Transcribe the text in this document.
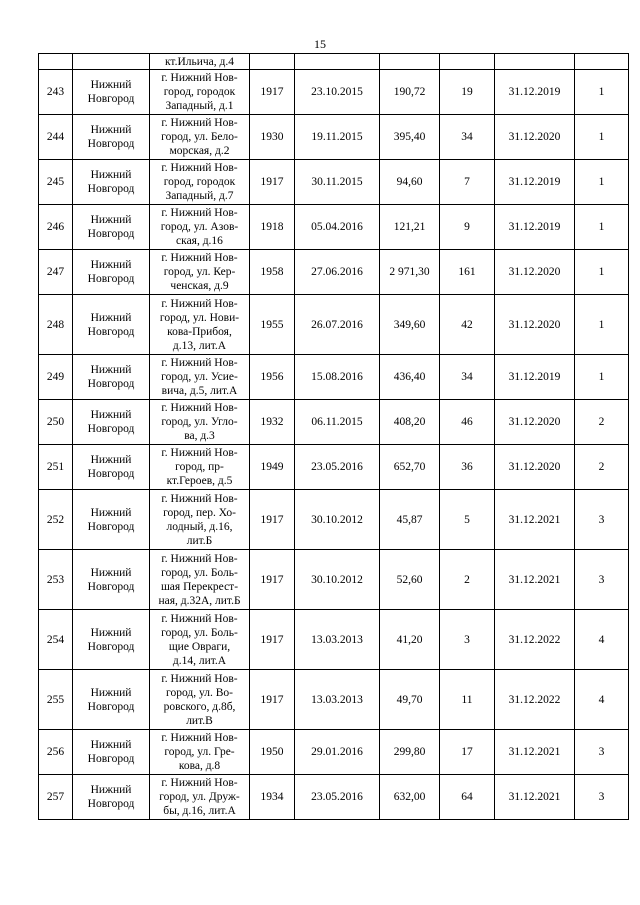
15
		кт.Ильича, д.4						
243	Нижний
Новгород	г. Нижний Нов-
город, городок
Западный, д.1	1917	23.10.2015	190,72	19	31.12.2019	1
244	Нижний
Новгород	г. Нижний Нов-
город, ул. Бело-
морская, д.2	1930	19.11.2015	395,40	34	31.12.2020	1
245	Нижний
Новгород	г. Нижний Нов-
город, городок
Западный, д.7	1917	30.11.2015	94,60	7	31.12.2019	1
246	Нижний
Новгород	г. Нижний Нов-
город, ул. Азов-
ская, д.16	1918	05.04.2016	121,21	9	31.12.2019	1
247	Нижний
Новгород	г. Нижний Нов-
город, ул. Кер-
ченская, д.9	1958	27.06.2016	2 971,30	161	31.12.2020	1
248	Нижний
Новгород	г. Нижний Нов-
город, ул. Нови-
кова-Прибоя,
д.13, лит.А	1955	26.07.2016	349,60	42	31.12.2020	1
249	Нижний
Новгород	г. Нижний Нов-
город, ул. Усие-
вича, д.5, лит.А	1956	15.08.2016	436,40	34	31.12.2019	1
250	Нижний
Новгород	г. Нижний Нов-
город, ул. Угло-
ва, д.3	1932	06.11.2015	408,20	46	31.12.2020	2
251	Нижний
Новгород	г. Нижний Нов-
город, пр-
кт.Героев, д.5	1949	23.05.2016	652,70	36	31.12.2020	2
252	Нижний
Новгород	г. Нижний Нов-
город, пер. Хо-
лодный, д.16,
лит.Б	1917	30.10.2012	45,87	5	31.12.2021	3
253	Нижний
Новгород	г. Нижний Нов-
город, ул. Боль-
шая Перекрест-
ная, д.32А, лит.Б	1917	30.10.2012	52,60	2	31.12.2021	3
254	Нижний
Новгород	г. Нижний Нов-
город, ул. Боль-
щие Овраги,
д.14, лит.А	1917	13.03.2013	41,20	3	31.12.2022	4
255	Нижний
Новгород	г. Нижний Нов-
город, ул. Во-
ровского, д.8б,
лит.В	1917	13.03.2013	49,70	11	31.12.2022	4
256	Нижний
Новгород	г. Нижний Нов-
город, ул. Гре-
кова, д.8	1950	29.01.2016	299,80	17	31.12.2021	3
257	Нижний
Новгород	г. Нижний Нов-
город, ул. Друж-
бы, д.16, лит.А	1934	23.05.2016	632,00	64	31.12.2021	3
